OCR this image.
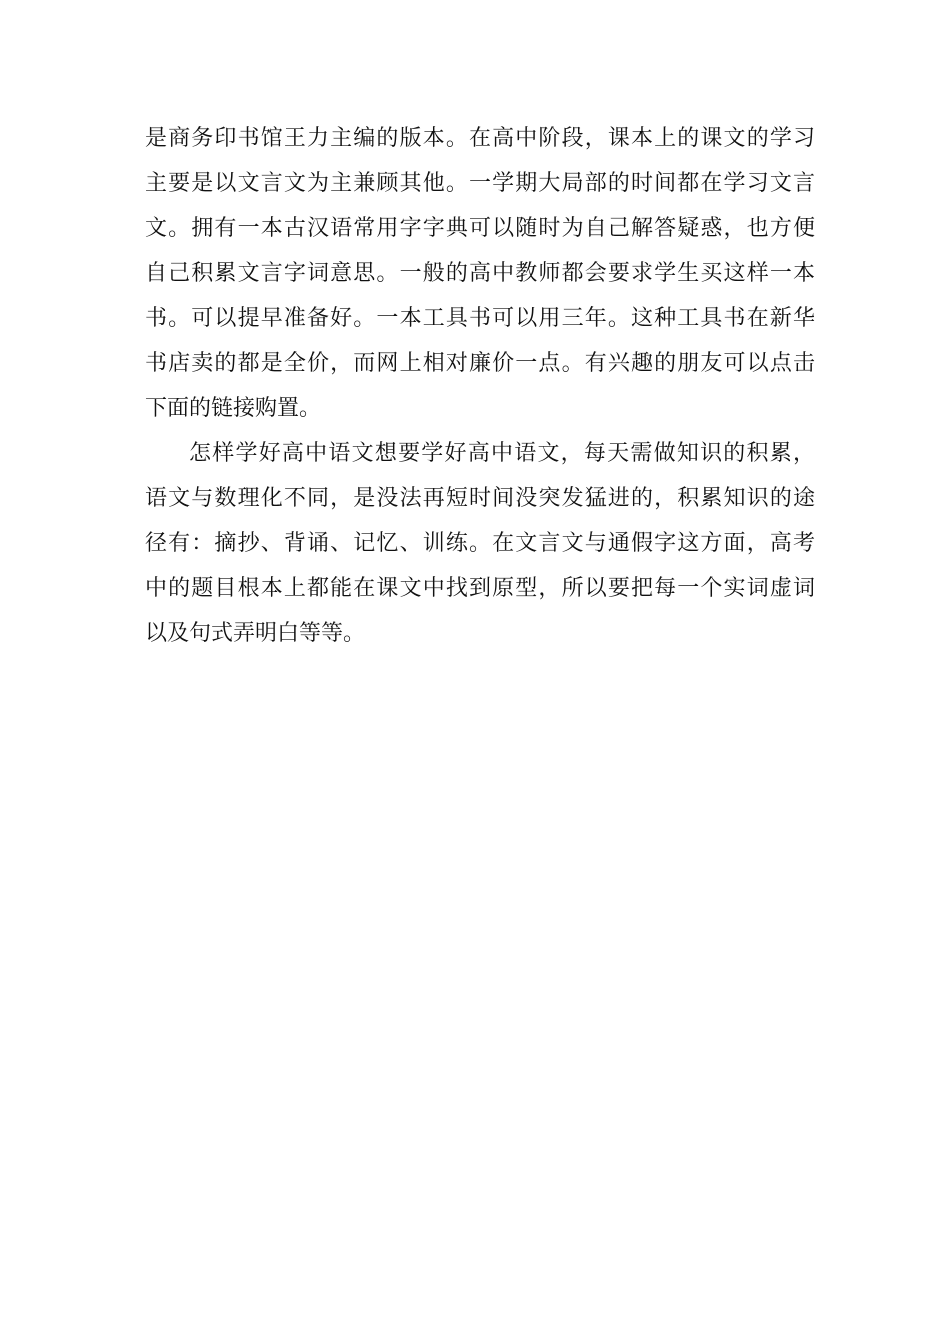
是商务印书馆王力主编的版本。在高中阶段，课本上的课文的学习
主要是以文言文为主兼顾其他。一学期大局部的时间都在学习文言
文。拥有一本古汉语常用字字典可以随时为自己解答疑惑，也方便
自己积累文言字词意思。一般的高中教师都会要求学生买这样一本
书。可以提早准备好。一本工具书可以用三年。这种工具书在新华
书店卖的都是全价，而网上相对廉价一点。有兴趣的朋友可以点击
下面的链接购置。
怎样学好高中语文想要学好高中语文，每天需做知识的积累，
语文与数理化不同，是没法再短时间没突发猛进的，积累知识的途
径有：摘抄、背诵、记忆、训练。在文言文与通假字这方面，高考
中的题目根本上都能在课文中找到原型，所以要把每一个实词虚词
以及句式弄明白等等。
